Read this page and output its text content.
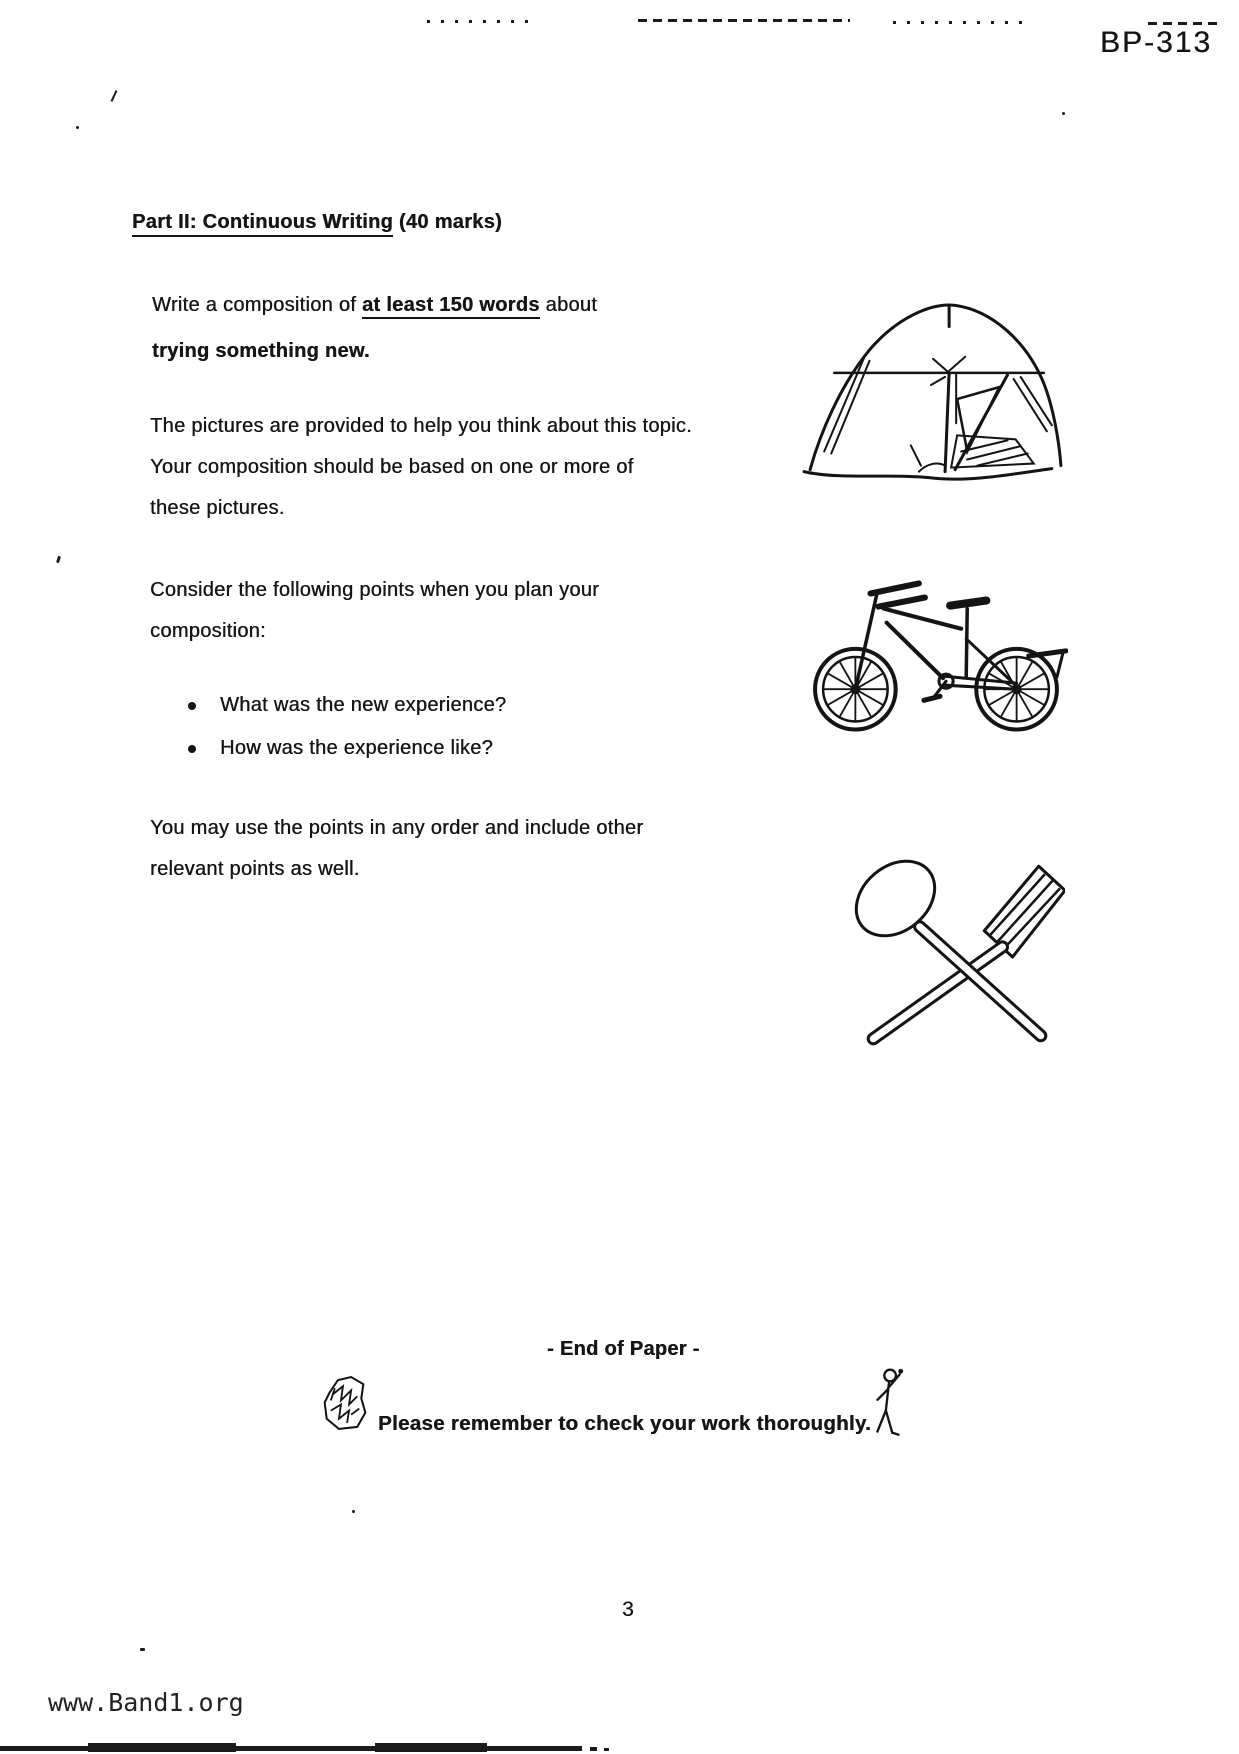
BP-313
Part II: Continuous Writing (40 marks)
Write a composition of at least 150 words about
trying something new.
The pictures are provided to help you think about this topic.
Your composition should be based on one or more of
these pictures.
Consider the following points when you plan your
composition:
What was the new experience?
How was the experience like?
You may use the points in any order and include other
relevant points as well.
- End of Paper -
Please remember to check your work thoroughly.
3
www.Band1.org
